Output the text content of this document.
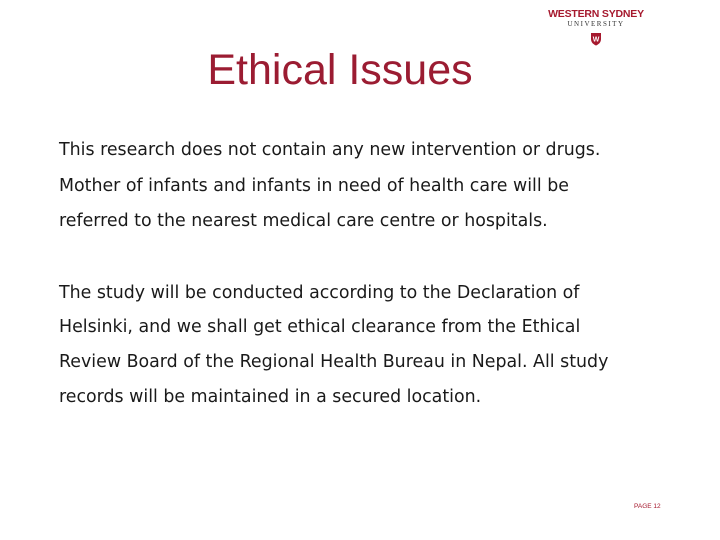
WESTERN SYDNEY
UNIVERSITY
W
Ethical Issues

This research does not contain any new intervention or drugs.
Mother of infants and infants in need of health care will be
referred to the nearest medical care centre or hospitals.

The study will be conducted according to the Declaration of
Helsinki, and we shall get ethical clearance from the Ethical
Review Board of the Regional Health Bureau in Nepal. All study
records will be maintained in a secured location.

PAGE 12
